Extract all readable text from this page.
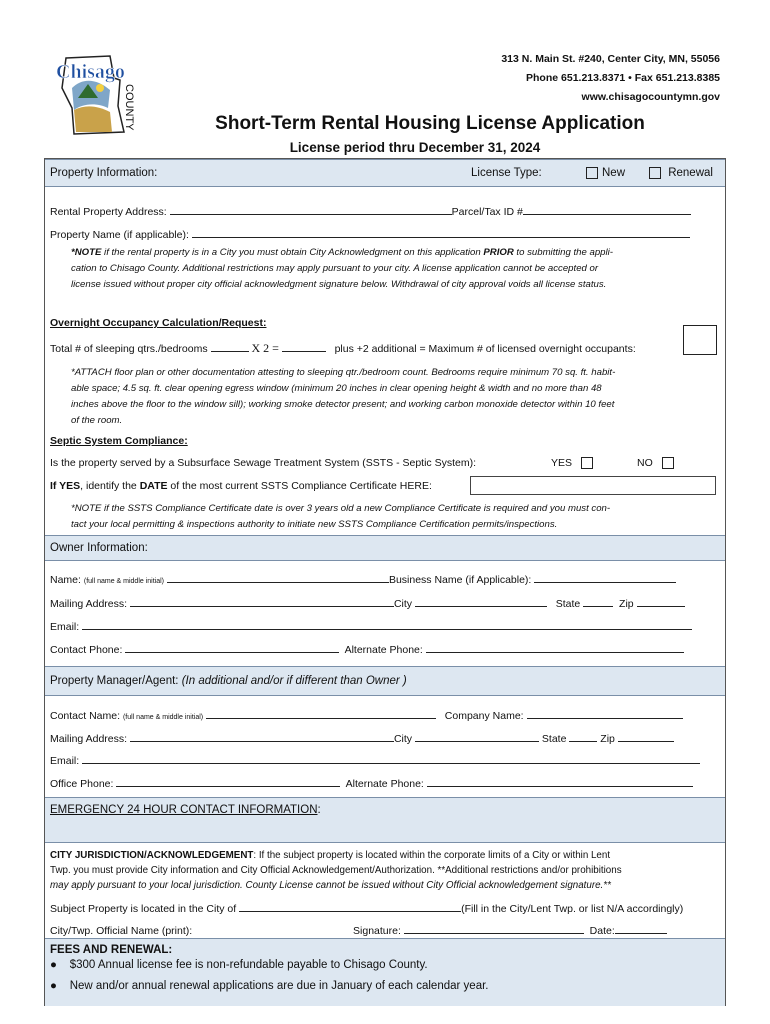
Chisago
COUNTY
313 N. Main St. #240, Center City, MN, 55056
Phone 651.213.8371 • Fax 651.213.8385
www.chisagocountymn.gov
Short-Term Rental Housing License Application
License period thru December 31, 2024
Property Information:	License Type:	New	Renewal
Rental Property Address:	Parcel/Tax ID #
Property Name (if applicable):
*NOTE if the rental property is in a City you must obtain City Acknowledgment on this application PRIOR to submitting the appli-
cation to Chisago County. Additional restrictions may apply pursuant to your city. A license application cannot be accepted or
license issued without proper city official acknowledgment signature below. Withdrawal of city approval voids all license status.
Overnight Occupancy Calculation/Request:
Total # of sleeping qtrs./bedrooms	X 2 =	plus +2 additional = Maximum # of licensed overnight occupants:
*ATTACH floor plan or other documentation attesting to sleeping qtr./bedroom count. Bedrooms require minimum 70 sq. ft. habit-
able space; 4.5 sq. ft. clear opening egress window (minimum 20 inches in clear opening height & width and no more than 48
inches above the floor to the window sill); working smoke detector present; and working carbon monoxide detector within 10 feet
of the room.
Septic System Compliance:
Is the property served by a Subsurface Sewage Treatment System (SSTS - Septic System):	YES	NO
If YES, identify the DATE of the most current SSTS Compliance Certificate HERE:
*NOTE if the SSTS Compliance Certificate date is over 3 years old a new Compliance Certificate is required and you must con-
tact your local permitting & inspections authority to initiate new SSTS Compliance Certification permits/inspections.
Owner Information:
Name: (full name & middle initial)	Business Name (if Applicable):
Mailing Address:	City	State	Zip
Email:
Contact Phone:	Alternate Phone:
Property Manager/Agent: (In additional and/or if different than Owner )
Contact Name: (full name & middle initial)	Company Name:
Mailing Address:	City	State	Zip
Email:
Office Phone:	Alternate Phone:
EMERGENCY 24 HOUR CONTACT INFORMATION:
CITY JURISDICTION/ACKNOWLEDGEMENT: If the subject property is located within the corporate limits of a City or within Lent
Twp. you must provide City information and City Official Acknowledgement/Authorization. **Additional restrictions and/or prohibitions
may apply pursuant to your local jurisdiction. County License cannot be issued without City Official acknowledgement signature.**
Subject Property is located in the City of	(Fill in the City/Lent Twp. or list N/A accordingly)
City/Twp. Official Name (print):	Signature:	Date:
FEES AND RENEWAL:
●    $300 Annual license fee is non-refundable payable to Chisago County.
●    New and/or annual renewal applications are due in January of each calendar year.
